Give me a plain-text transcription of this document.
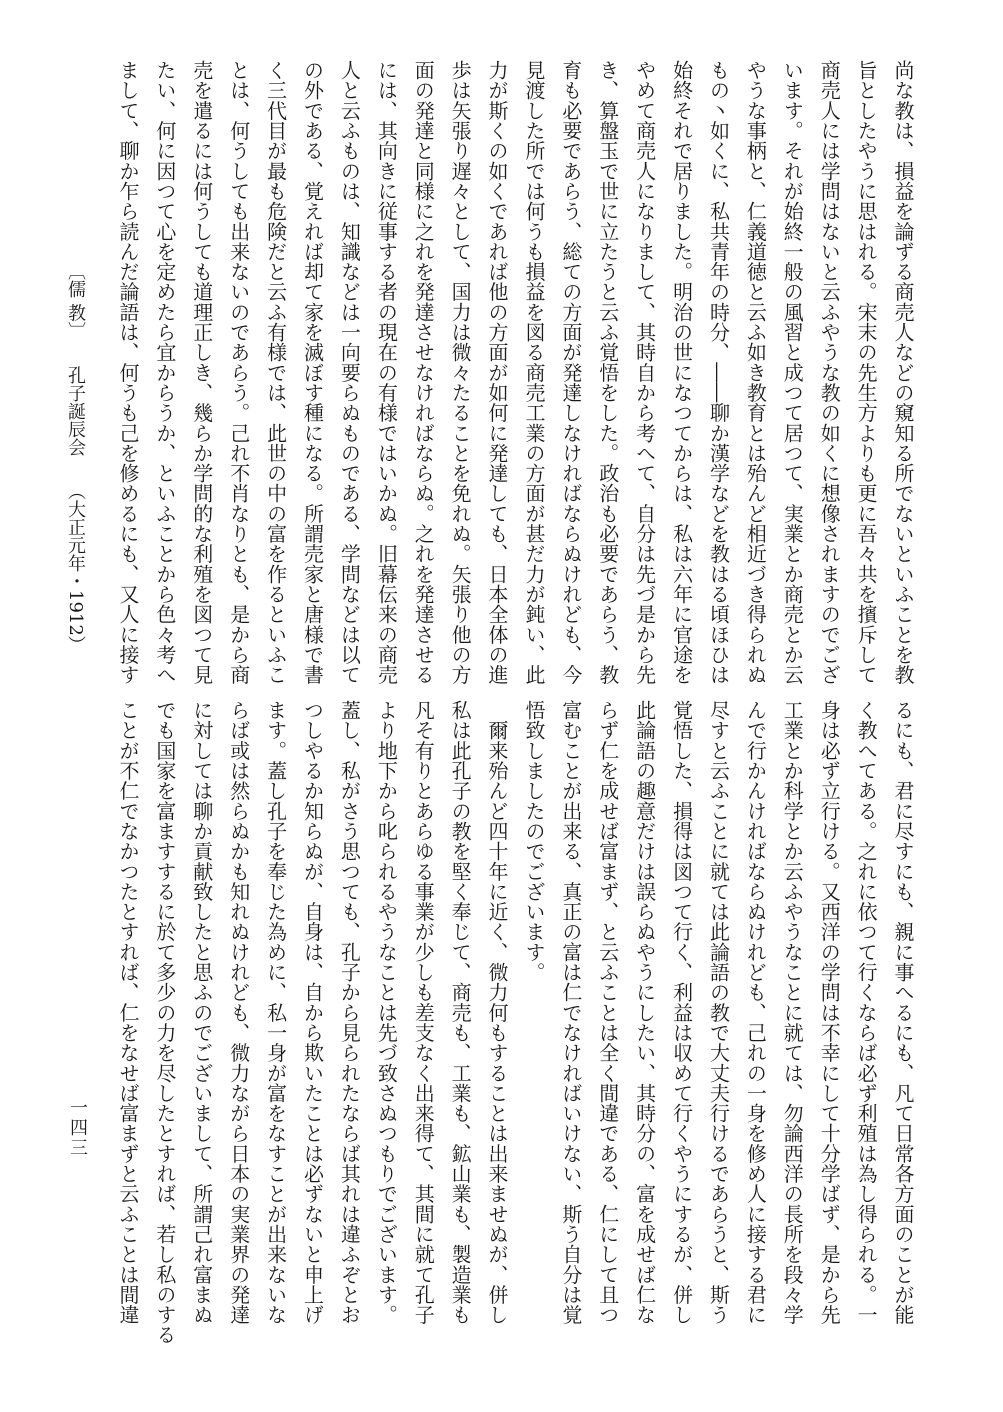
尚な教は、損益を論ずる商売人などの窺知る所でないといふことを教
旨としたやうに思はれる。宋末の先生方よりも更に吾々共を擯斥して
商売人には学問はないと云ふやうな教の如くに想像されますのでござ
います。それが始終一般の風習と成つて居つて、実業とか商売とか云
やうな事柄と、仁義道徳と云ふ如き教育とは殆んど相近づき得られぬ
もの丶如くに、私共青年の時分、――聊か漢学などを教はる頃ほひは
始終それで居りました。明治の世になつてからは、私は六年に官途を
やめて商売人になりまして、其時自から考へて、自分は先づ是から先
き、算盤玉で世に立たうと云ふ覚悟をした。政治も必要であらう、教
育も必要であらう、総ての方面が発達しなければならぬけれども、今
見渡した所では何うも損益を図る商売工業の方面が甚だ力が鈍い、此
力が斯くの如くであれば他の方面が如何に発達しても、日本全体の進
歩は矢張り遅々として、国力は微々たることを免れぬ。矢張り他の方
面の発達と同様に之れを発達させなければならぬ。之れを発達させる
には、其向きに従事する者の現在の有様ではいかぬ。旧幕伝来の商売
人と云ふものは、知識などは一向要らぬものである、学問などは以て
の外である、覚えれば却て家を滅ぼす種になる。所謂売家と唐様で書
く三代目が最も危険だと云ふ有様では、此世の中の富を作るといふこ
とは、何うしても出来ないのであらう。己れ不肖なりとも、是から商
売を遣るには何うしても道理正しき、幾らか学問的な利殖を図つて見
たい、何に因つて心を定めたら宜からうか、といふことから色々考へ
まして、聊か乍ら読んだ論語は、何うも己を修めるにも、又人に接す
るにも、君に尽すにも、親に事へるにも、凡て日常各方面のことが能
く教へてある。之れに依つて行くならば必ず利殖は為し得られる。一
身は必ず立行ける。又西洋の学問は不幸にして十分学ばず、是から先
工業とか科学とか云ふやうなことに就ては、勿論西洋の長所を段々学
んで行かんければならぬけれども、己れの一身を修め人に接する君に
尽すと云ふことに就ては此論語の教で大丈夫行けるであらうと、斯う
覚悟した、損得は図つて行く、利益は収めて行くやうにするが、併し
此論語の趣意だけは誤らぬやうにしたい、其時分の、富を成せば仁な
らず仁を成せば富まず、と云ふことは全く間違である、仁にして且つ
富むことが出来る、真正の富は仁でなければいけない、斯う自分は覚
悟致しましたのでございます。
　爾来殆んど四十年に近く、微力何もすることは出来ませぬが、併し
私は此孔子の教を堅く奉じて、商売も、工業も、鉱山業も、製造業も
凡そ有りとあらゆる事業が少しも差支なく出来得て、其間に就て孔子
より地下から叱られるやうなことは先づ致さぬつもりでございます。
蓋し、私がさう思つても、孔子から見られたならば其れは違ふぞとお
つしやるか知らぬが、自身は、自から欺いたことは必ずないと申上げ
ます。蓋し孔子を奉じた為めに、私一身が富をなすことが出来ないな
らば或は然らぬかも知れぬけれども、微力ながら日本の実業界の発達
に対しては聊か貢献致したと思ふのでございまして、所謂己れ富まぬ
でも国家を富ますするに於て多少の力を尽したとすれば、若し私のする
ことが不仁でなかつたとすれば、仁をなせば富まずと云ふことは間違
〔儒 教〕孔子誕辰会（大正元年・1912）
一四三
